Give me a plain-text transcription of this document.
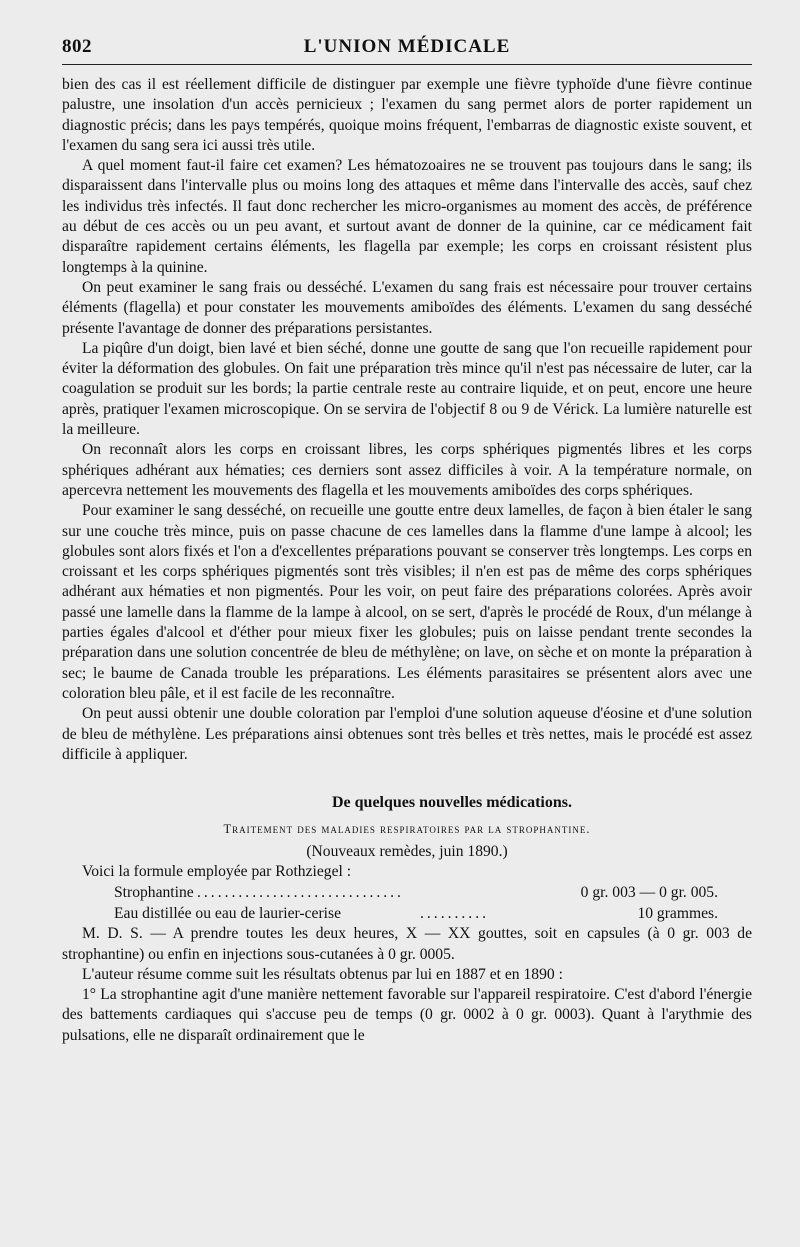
802	L'UNION MÉDICALE

bien des cas il est réellement difficile de distinguer par exemple une fièvre typhoïde d'une fièvre continue palustre, une insolation d'un accès pernicieux ; l'examen du sang permet alors de porter rapidement un diagnostic précis; dans les pays tempérés, quoique moins fréquent, l'embarras de diagnostic existe souvent, et l'examen du sang sera ici aussi très utile.

A quel moment faut-il faire cet examen? Les hématozoaires ne se trouvent pas toujours dans le sang; ils disparaissent dans l'intervalle plus ou moins long des attaques et même dans l'intervalle des accès, sauf chez les individus très infectés. Il faut donc rechercher les micro-organismes au moment des accès, de préférence au début de ces accès ou un peu avant, et surtout avant de donner de la quinine, car ce médicament fait disparaître rapidement certains éléments, les flagella par exemple; les corps en croissant résistent plus longtemps à la quinine.

On peut examiner le sang frais ou desséché. L'examen du sang frais est nécessaire pour trouver certains éléments (flagella) et pour constater les mouvements amiboïdes des éléments. L'examen du sang desséché présente l'avantage de donner des préparations persistantes.

La piqûre d'un doigt, bien lavé et bien séché, donne une goutte de sang que l'on recueille rapidement pour éviter la déformation des globules. On fait une préparation très mince qu'il n'est pas nécessaire de luter, car la coagulation se produit sur les bords; la partie centrale reste au contraire liquide, et on peut, encore une heure après, pratiquer l'examen microscopique. On se servira de l'objectif 8 ou 9 de Vérick. La lumière naturelle est la meilleure.

On reconnaît alors les corps en croissant libres, les corps sphériques pigmentés libres et les corps sphériques adhérant aux hématies; ces derniers sont assez difficiles à voir. A la température normale, on apercevra nettement les mouvements des flagella et les mouvements amiboïdes des corps sphériques.

Pour examiner le sang desséché, on recueille une goutte entre deux lamelles, de façon à bien étaler le sang sur une couche très mince, puis on passe chacune de ces lamelles dans la flamme d'une lampe à alcool; les globules sont alors fixés et l'on a d'excellentes préparations pouvant se conserver très longtemps. Les corps en croissant et les corps sphériques pigmentés sont très visibles; il n'en est pas de même des corps sphériques adhérant aux hématies et non pigmentés. Pour les voir, on peut faire des préparations colorées. Après avoir passé une lamelle dans la flamme de la lampe à alcool, on se sert, d'après le procédé de Roux, d'un mélange à parties égales d'alcool et d'éther pour mieux fixer les globules; puis on laisse pendant trente secondes la préparation dans une solution concentrée de bleu de méthylène; on lave, on sèche et on monte la préparation à sec; le baume de Canada trouble les préparations. Les éléments parasitaires se présentent alors avec une coloration bleu pâle, et il est facile de les reconnaître.

On peut aussi obtenir une double coloration par l'emploi d'une solution aqueuse d'éosine et d'une solution de bleu de méthylène. Les préparations ainsi obtenues sont très belles et très nettes, mais le procédé est assez difficile à appliquer.

De quelques nouvelles médications.
Traitement des maladies respiratoires par la strophantine.
(Nouveaux remèdes, juin 1890.)

Voici la formule employée par Rothziegel :

Strophantine ..............................	0 gr. 003 — 0 gr. 005.
Eau distillée ou eau de laurier-cerise	..........	10 grammes.

M. D. S. — A prendre toutes les deux heures, X — XX gouttes, soit en capsules (à 0 gr. 003 de strophantine) ou enfin en injections sous-cutanées à 0 gr. 0005.

L'auteur résume comme suit les résultats obtenus par lui en 1887 et en 1890 :

1° La strophantine agit d'une manière nettement favorable sur l'appareil respiratoire. C'est d'abord l'énergie des battements cardiaques qui s'accuse peu de temps (0 gr. 0002 à 0 gr. 0003). Quant à l'arythmie des pulsations, elle ne disparaît ordinairement que le
